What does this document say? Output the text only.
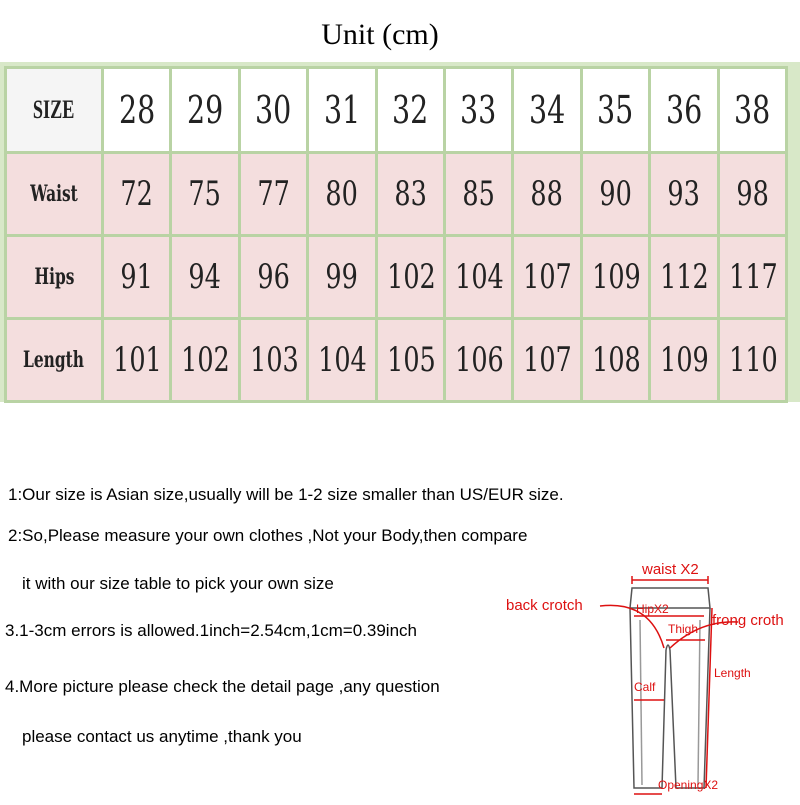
Unit (cm)
SIZE	28	29	30	31	32	33	34	35	36	38
Waist	72	75	77	80	83	85	88	90	93	98
Hips	91	94	96	99	102	104	107	109	112	117
Length	101	102	103	104	105	106	107	108	109	110
1:Our size is Asian size,usually will be 1-2 size smaller than US/EUR size.
2:So,Please measure your own clothes ,Not your Body,then compare
it with our size table to pick your own size
3.1-3cm errors is allowed.1inch=2.54cm,1cm=0.39inch
4.More picture please check the detail page ,any question
please contact us anytime ,thank you
waist X2
back crotch	HipX2
frong croth
Thigh
Length
Calf
OpeningX2
